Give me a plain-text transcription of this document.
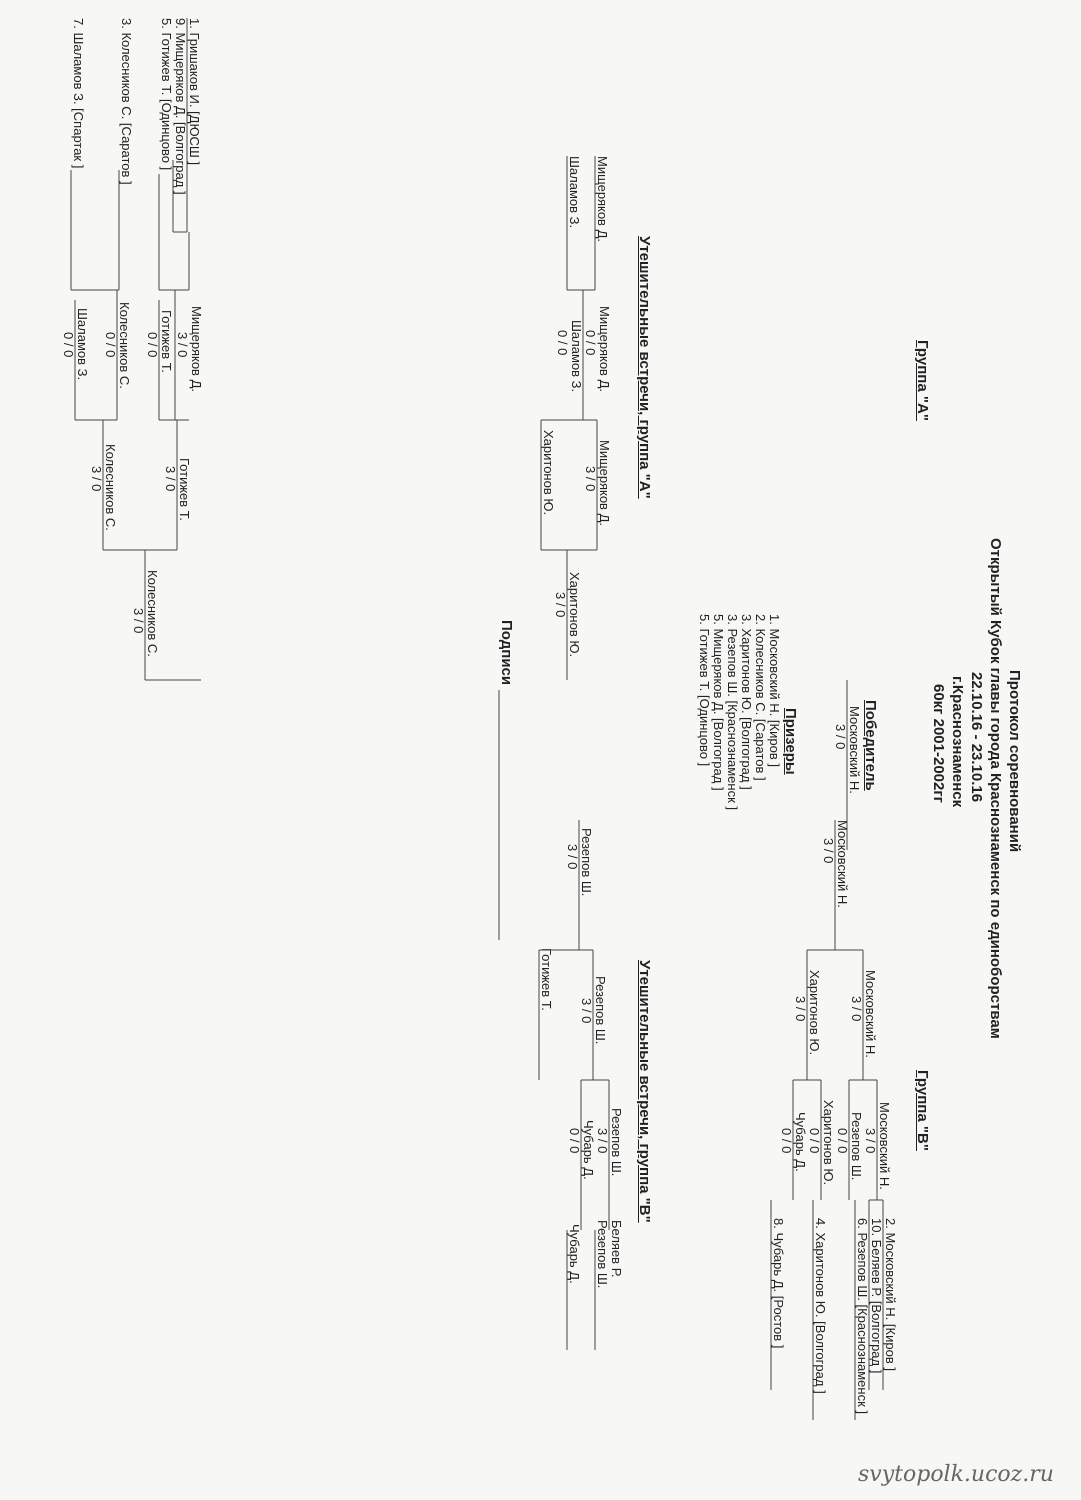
Протокол соревнований
Открытый Кубок главы города Краснознаменск по единоборствам
22.10.16 - 23.10.16
г.Краснознаменск
60кг 2001-2002гг
Группа "А"
1. Гришаков И. [ДЮСШ ]
9. Мищеряков Д. [Волгоград ]
5. Готижев Т. [Одинцово ]
3. Колесников С. [Саратов ]
7. Шаламов З. [Спартак ]
Мищеряков Д.
3 / 0
Готижев Т.
0 / 0
Колесников С.
0 / 0
Шаламов З.
0 / 0
Готижев Т.
3 / 0
Колесников С.
3 / 0
Колесников С.
3 / 0
Победитель
Московский Н.
3 / 0
Призеры
1. Московский Н. [Киров ]
2. Колесников С. [Саратов ]
3. Харитонов Ю. [Волгоград ]
3. Резепов Ш. [Краснознаменск ]
5. Мищеряков Д. [Волгоград ]
5. Готижев Т. [Одинцово ]
Группа "B"
2. Московский Н. [Киров ]
10. Беляев Р. [Волгоград ]
6. Резепов Ш. [Краснознаменск ]
4. Харитонов Ю. [Волгоград ]
8. Чубарь Д. [Ростов ]
Московский Н.
3 / 0
Резепов Ш.
0 / 0
Харитонов Ю.
0 / 0
Чубарь Д.
0 / 0
Московский Н.
3 / 0
Харитонов Ю.
3 / 0
Московский Н.
3 / 0
Утешительные встречи, группа "А"
Мищеряков Д.
Шаламов З.
Мищеряков Д.
0 / 0
Шаламов З.
0 / 0
Мищеряков Д.
3 / 0
Харитонов Ю.
Харитонов Ю.
3 / 0
Утешительные встречи, группа "B"
Беляев Р.
Резепов Ш.
Чубарь Д.
Резепов Ш.
3 / 0
Чубарь Д.
0 / 0
Резепов Ш.
3 / 0
Готижев Т.
Резепов Ш.
3 / 0
Подписи
svytopolk.ucoz.ru
